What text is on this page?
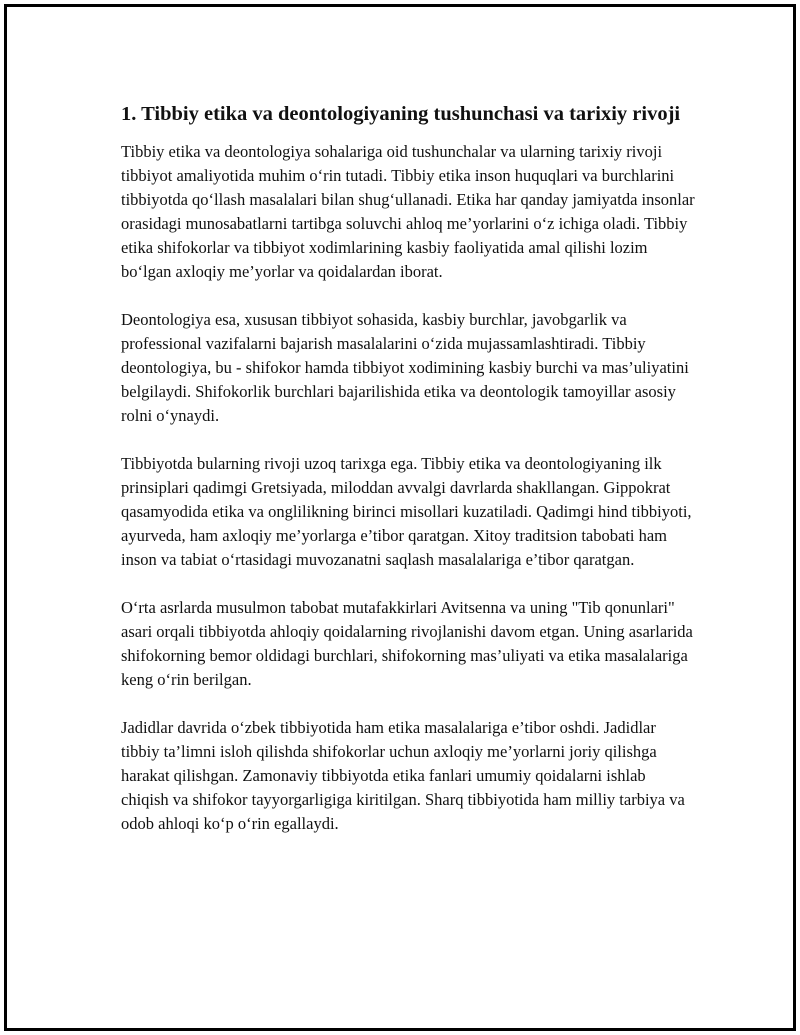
1. Tibbiy etika va deontologiyaning tushunchasi va tarixiy rivoji

Tibbiy etika va deontologiya sohalariga oid tushunchalar va ularning tarixiy rivoji tibbiyot amaliyotida muhim o‘rin tutadi. Tibbiy etika inson huquqlari va burchlarini tibbiyotda qo‘llash masalalari bilan shug‘ullanadi. Etika har qanday jamiyatda insonlar orasidagi munosabatlarni tartibga soluvchi ahloq me’yorlarini o‘z ichiga oladi. Tibbiy etika shifokorlar va tibbiyot xodimlarining kasbiy faoliyatida amal qilishi lozim bo‘lgan axloqiy me’yorlar va qoidalardan iborat.

Deontologiya esa, xususan tibbiyot sohasida, kasbiy burchlar, javobgarlik va professional vazifalarni bajarish masalalarini o‘zida mujassamlashtiradi. Tibbiy deontologiya, bu - shifokor hamda tibbiyot xodimining kasbiy burchi va mas’uliyatini belgilaydi. Shifokorlik burchlari bajarilishida etika va deontologik tamoyillar asosiy rolni o‘ynaydi.

Tibbiyotda bularning rivoji uzoq tarixga ega. Tibbiy etika va deontologiyaning ilk prinsiplari qadimgi Gretsiyada, miloddan avvalgi davrlarda shakllangan. Gippokrat qasamyodida etika va onglilikning birinci misollari kuzatiladi. Qadimgi hind tibbiyoti, ayurveda, ham axloqiy me’yorlarga e’tibor qaratgan. Xitoy traditsion tabobati ham inson va tabiat o‘rtasidagi muvozanatni saqlash masalalariga e’tibor qaratgan.

O‘rta asrlarda musulmon tabobat mutafakkirlari Avitsenna va uning "Tib qonunlari" asari orqali tibbiyotda ahloqiy qoidalarning rivojlanishi davom etgan. Uning asarlarida shifokorning bemor oldidagi burchlari, shifokorning mas’uliyati va etika masalalariga keng o‘rin berilgan.

Jadidlar davrida o‘zbek tibbiyotida ham etika masalalariga e’tibor oshdi. Jadidlar tibbiy ta’limni isloh qilishda shifokorlar uchun axloqiy me’yorlarni joriy qilishga harakat qilishgan. Zamonaviy tibbiyotda etika fanlari umumiy qoidalarni ishlab chiqish va shifokor tayyorgarligiga kiritilgan. Sharq tibbiyotida ham milliy tarbiya va odob ahloqi ko‘p o‘rin egallaydi.
